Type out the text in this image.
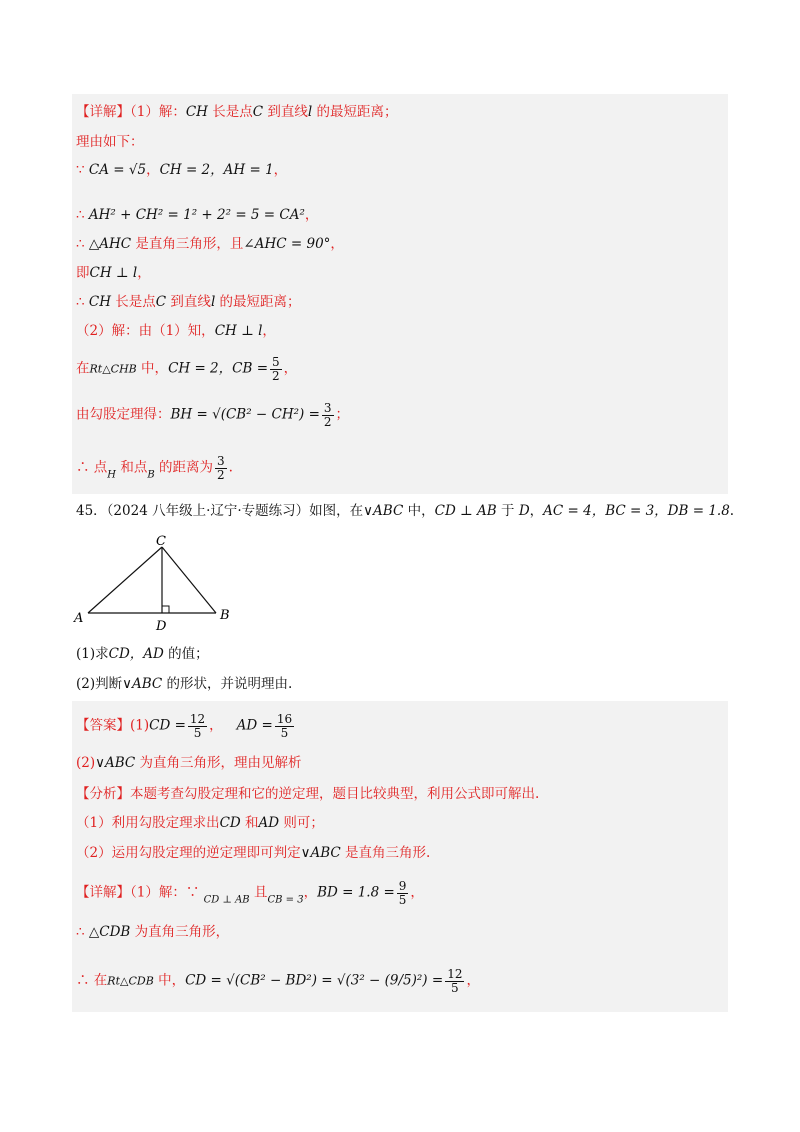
【详解】（1）解：CH 长是点C 到直线l 的最短距离；
理由如下：
∵ CA = √5，CH = 2，AH = 1，
∴ AH² + CH² = 1² + 2² = 5 = CA²，
∴ △AHC 是直角三角形，且∠AHC = 90°，
即CH ⊥ l，
∴ CH 长是点C 到直线l 的最短距离；
（2）解：由（1）知，CH ⊥ l，
在Rt△CHB 中，CH = 2，CB = $\frac{5}{2}$ ，
由勾股定理得：BH = $√(CB^2 - CH^2) = \frac{3}{2}$ ；
∴ 点$_H$ 和点$_B$ 的距离为 $\frac{3}{2}$ .
45．（2024 八年级上·辽宁·专题练习）如图，在∨ABC 中，CD ⊥ AB 于 D，AC = 4，BC = 3，DB = 1.8.
C
A	B
D
(1)求CD，AD 的值；
(2)判断∨ABC 的形状，并说明理由.
【答案】$(1)CD = \frac{12}{5}$ ， AD = $\frac{16}{5}$
(2)∨ABC 为直角三角形，理由见解析
【分析】本题考查勾股定理和它的逆定理，题目比较典型，利用公式即可解出.
（1）利用勾股定理求出CD 和AD 则可；
（2）运用勾股定理的逆定理即可判定∨ABC 是直角三角形.
【详解】（1）解：∵ $_{CD \perp AB}$ 且$_{CB = 3}$，BD = $1.8 = \frac{9}{5}$ ，
∴ △CDB 为直角三角形，
∴ 在Rt△CDB 中，CD = $√(CB^2 - BD^2) = √(3^2 - (9/5)^2) = \frac{12}{5}$ ，
